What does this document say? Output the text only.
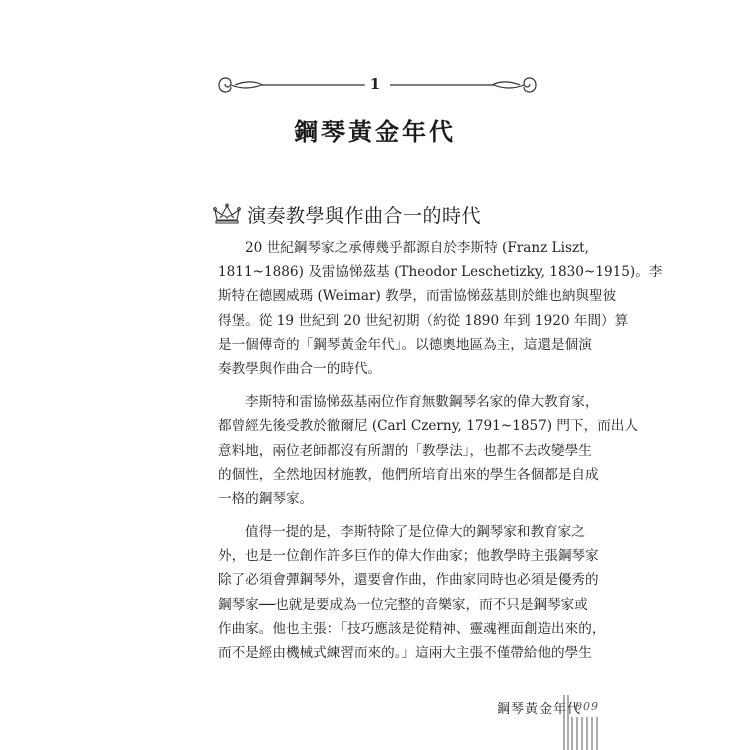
1
鋼琴黃金年代
演奏教學與作曲合一的時代
20 世紀鋼琴家之承傳幾乎都源自於李斯特 (Franz Liszt,
1811~1886) 及雷協悌茲基 (Theodor Leschetizky, 1830~1915)。李
斯特在德國威瑪 (Weimar) 教學，而雷協悌茲基則於維也納與聖彼
得堡。從 19 世紀到 20 世紀初期（約從 1890 年到 1920 年間）算
是一個傳奇的「鋼琴黃金年代」。以德奧地區為主，這還是個演
奏教學與作曲合一的時代。
李斯特和雷協悌茲基兩位作育無數鋼琴名家的偉大教育家，
都曾經先後受教於徹爾尼 (Carl Czerny, 1791~1857) 門下，而出人
意料地，兩位老師都沒有所謂的「教學法」，也都不去改變學生
的個性，全然地因材施教，他們所培育出來的學生各個都是自成
一格的鋼琴家。
值得一提的是，李斯特除了是位偉大的鋼琴家和教育家之
外，也是一位創作許多巨作的偉大作曲家；他教學時主張鋼琴家
除了必須會彈鋼琴外，還要會作曲，作曲家同時也必須是優秀的
鋼琴家──也就是要成為一位完整的音樂家，而不只是鋼琴家或
作曲家。他也主張：「技巧應該是從精神、靈魂裡面創造出來的，
而不是經由機械式練習而來的。」這兩大主張不僅帶給他的學生
鋼琴黃金年代
009
